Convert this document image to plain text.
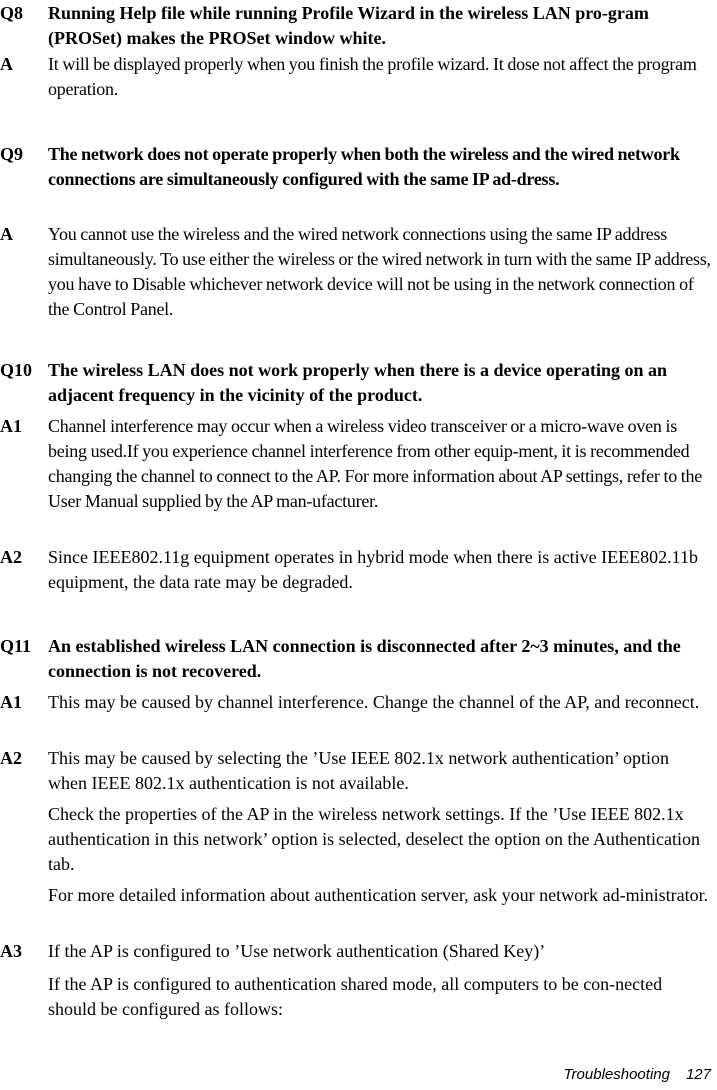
Q8 Running Help file while running Profile Wizard in the wireless LAN pro-gram (PROSet) makes the PROSet window white.
A It will be displayed properly when you finish the profile wizard. It dose not affect the program operation.
Q9 The network does not operate properly when both the wireless and the wired network connections are simultaneously configured with the same IP ad-dress.
A You cannot use the wireless and the wired network connections using the same IP address simultaneously. To use either the wireless or the wired network in turn with the same IP address, you have to Disable whichever network device will not be using in the network connection of the Control Panel.
Q10 The wireless LAN does not work properly when there is a device operating on an adjacent frequency in the vicinity of the product.
A1 Channel interference may occur when a wireless video transceiver or a micro-wave oven is being used.If you experience channel interference from other equip-ment, it is recommended changing the channel to connect to the AP. For more information about AP settings, refer to the User Manual supplied by the AP man-ufacturer.
A2 Since IEEE802.11g equipment operates in hybrid mode when there is active IEEE802.11b equipment, the data rate may be degraded.
Q11 An established wireless LAN connection is disconnected after 2~3 minutes, and the connection is not recovered.
A1 This may be caused by channel interference. Change the channel of the AP, and reconnect.
A2 This may be caused by selecting the ’Use IEEE 802.1x network authentication’ option when IEEE 802.1x authentication is not available.
Check the properties of the AP in the wireless network settings. If the ’Use IEEE 802.1x authentication in this network’ option is selected, deselect the option on the Authentication tab.
For more detailed information about authentication server, ask your network ad-ministrator.
A3 If the AP is configured to ’Use network authentication (Shared Key)’
If the AP is configured to authentication shared mode, all computers to be con-nected should be configured as follows:
Troubleshooting 127
